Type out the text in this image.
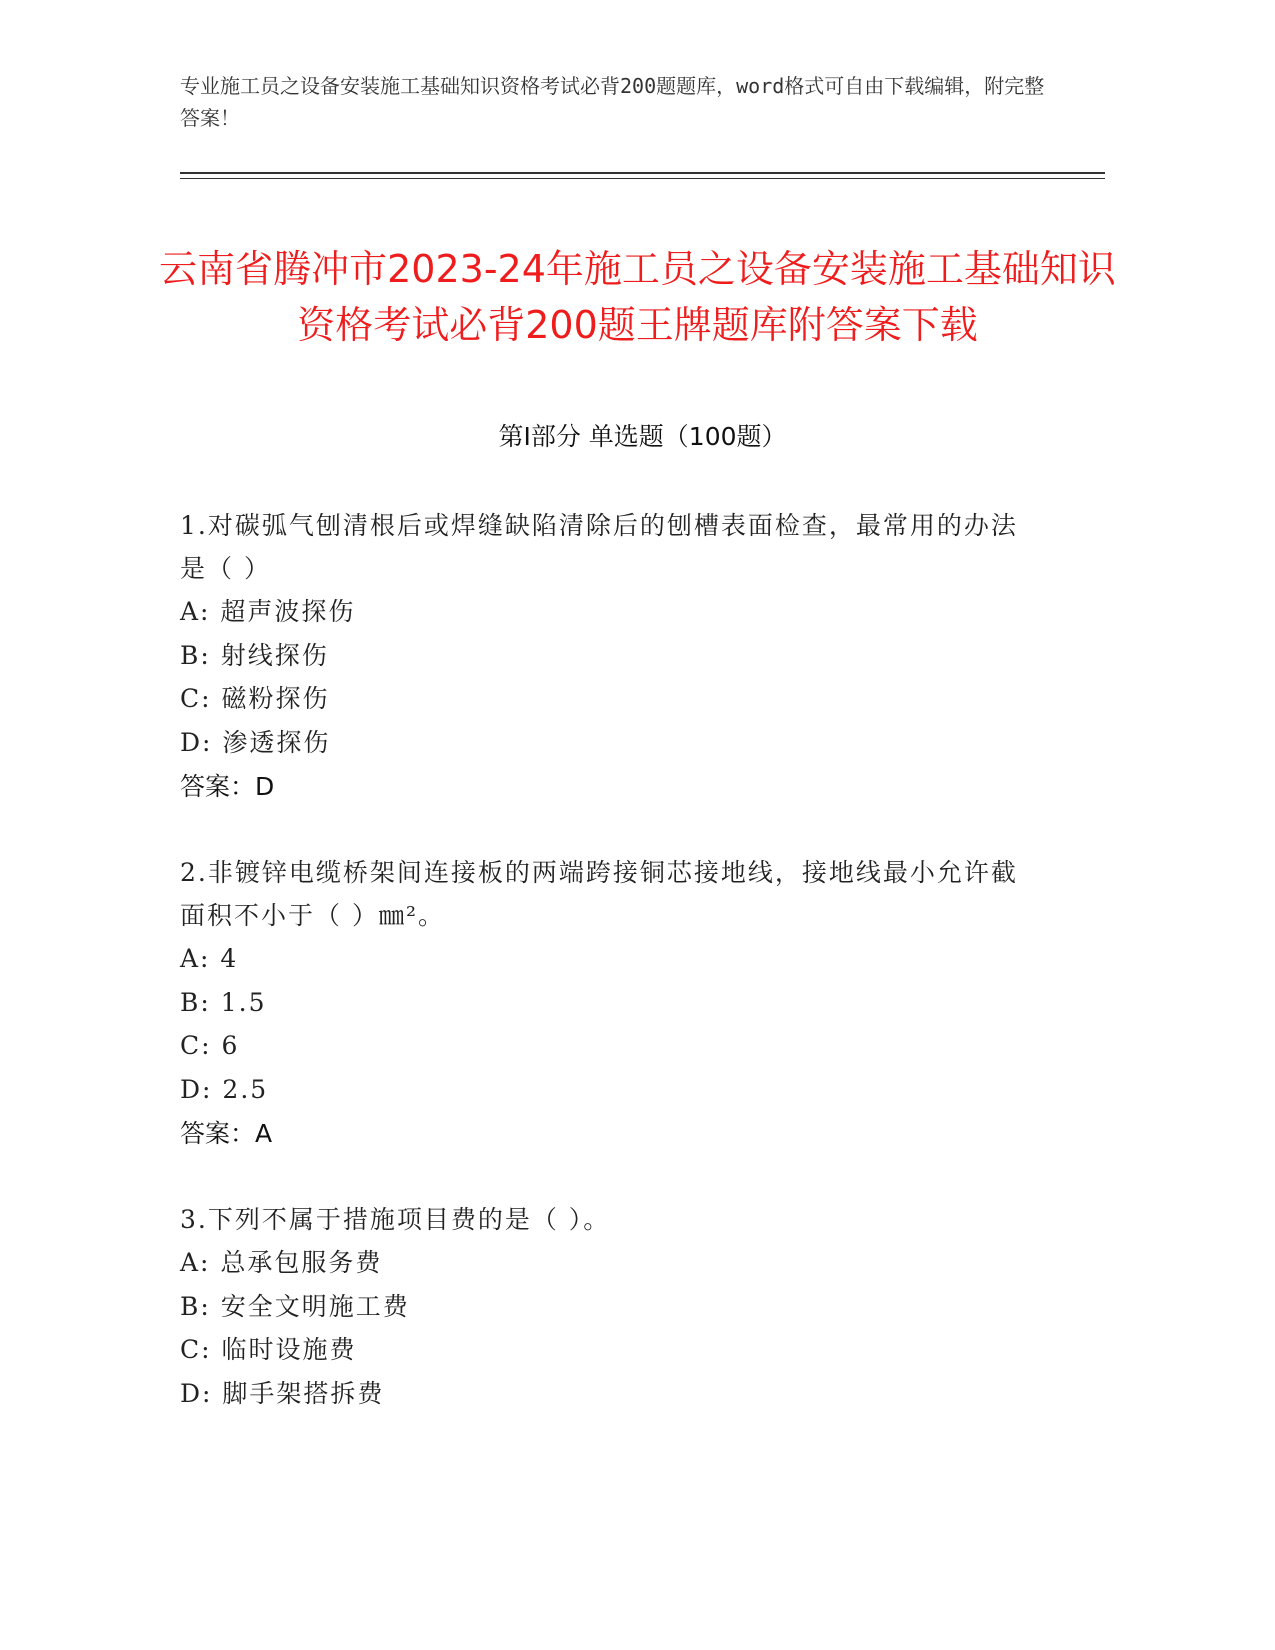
专业施工员之设备安装施工基础知识资格考试必背200题题库，word格式可自由下载编辑，附完整答案！
云南省腾冲市2023-24年施工员之设备安装施工基础知识资格考试必背200题王牌题库附答案下载
第Ⅰ部分 单选题（100题）
1.对碳弧气刨清根后或焊缝缺陷清除后的刨槽表面检查，最常用的办法是（ ）
A: 超声波探伤
B: 射线探伤
C: 磁粉探伤
D: 渗透探伤
答案：D
2.非镀锌电缆桥架间连接板的两端跨接铜芯接地线，接地线最小允许截面积不小于（ ）㎜²。
A: 4
B: 1.5
C: 6
D: 2.5
答案：A
3.下列不属于措施项目费的是（ ）。
A: 总承包服务费
B: 安全文明施工费
C: 临时设施费
D: 脚手架搭拆费
